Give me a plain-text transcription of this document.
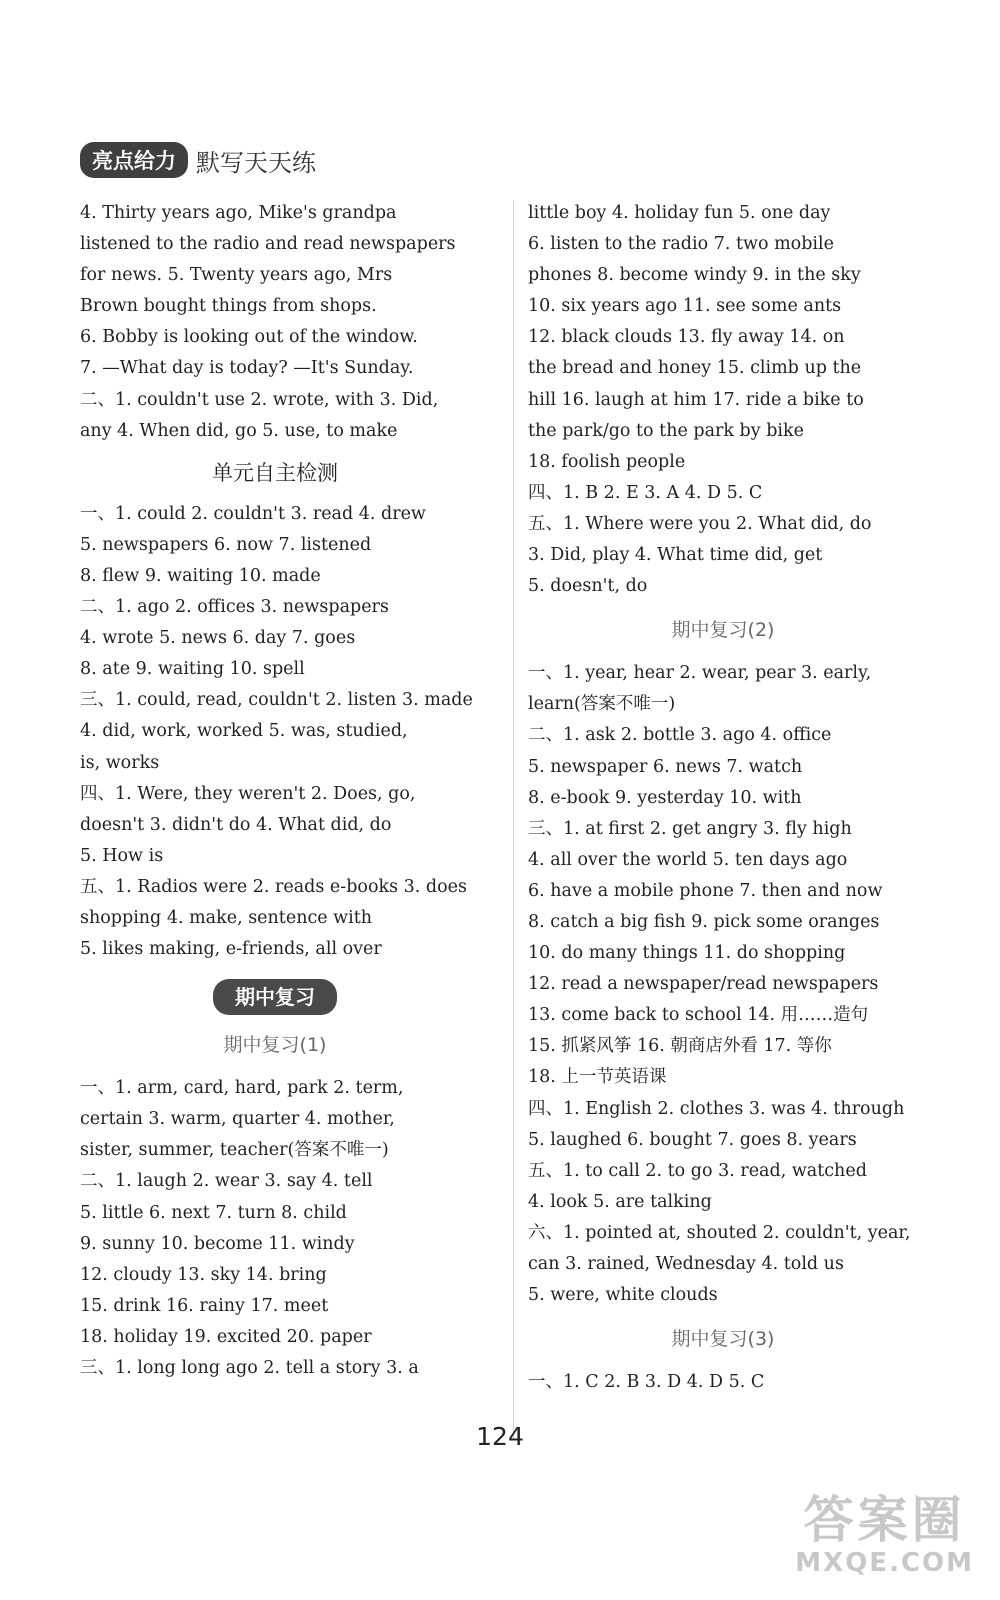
亮点给力 默写天天练
4. Thirty years ago, Mike's grandpa
listened to the radio and read newspapers
for news. 5. Twenty years ago, Mrs
Brown bought things from shops.
6. Bobby is looking out of the window.
7. —What day is today? —It's Sunday.
二、1. couldn't use 2. wrote, with 3. Did,
any 4. When did, go 5. use, to make
单元自主检测
一、1. could 2. couldn't 3. read 4. drew
5. newspapers 6. now 7. listened
8. flew 9. waiting 10. made
二、1. ago 2. offices 3. newspapers
4. wrote 5. news 6. day 7. goes
8. ate 9. waiting 10. spell
三、1. could, read, couldn't 2. listen 3. made
4. did, work, worked 5. was, studied,
is, works
四、1. Were, they weren't 2. Does, go,
doesn't 3. didn't do 4. What did, do
5. How is
五、1. Radios were 2. reads e-books 3. does
shopping 4. make, sentence with
5. likes making, e-friends, all over
期中复习
期中复习(1)
一、1. arm, card, hard, park 2. term,
certain 3. warm, quarter 4. mother,
sister, summer, teacher(答案不唯一)
二、1. laugh 2. wear 3. say 4. tell
5. little 6. next 7. turn 8. child
9. sunny 10. become 11. windy
12. cloudy 13. sky 14. bring
15. drink 16. rainy 17. meet
18. holiday 19. excited 20. paper
三、1. long long ago 2. tell a story 3. a
little boy 4. holiday fun 5. one day
6. listen to the radio 7. two mobile
phones 8. become windy 9. in the sky
10. six years ago 11. see some ants
12. black clouds 13. fly away 14. on
the bread and honey 15. climb up the
hill 16. laugh at him 17. ride a bike to
the park/go to the park by bike
18. foolish people
四、1. B 2. E 3. A 4. D 5. C
五、1. Where were you 2. What did, do
3. Did, play 4. What time did, get
5. doesn't, do
期中复习(2)
一、1. year, hear 2. wear, pear 3. early,
learn(答案不唯一)
二、1. ask 2. bottle 3. ago 4. office
5. newspaper 6. news 7. watch
8. e-book 9. yesterday 10. with
三、1. at first 2. get angry 3. fly high
4. all over the world 5. ten days ago
6. have a mobile phone 7. then and now
8. catch a big fish 9. pick some oranges
10. do many things 11. do shopping
12. read a newspaper/read newspapers
13. come back to school 14. 用……造句
15. 抓紧风筝 16. 朝商店外看 17. 等你
18. 上一节英语课
四、1. English 2. clothes 3. was 4. through
5. laughed 6. bought 7. goes 8. years
五、1. to call 2. to go 3. read, watched
4. look 5. are talking
六、1. pointed at, shouted 2. couldn't, year,
can 3. rained, Wednesday 4. told us
5. were, white clouds
期中复习(3)
一、1. C 2. B 3. D 4. D 5. C
124
答案圈
MXQE.COM
